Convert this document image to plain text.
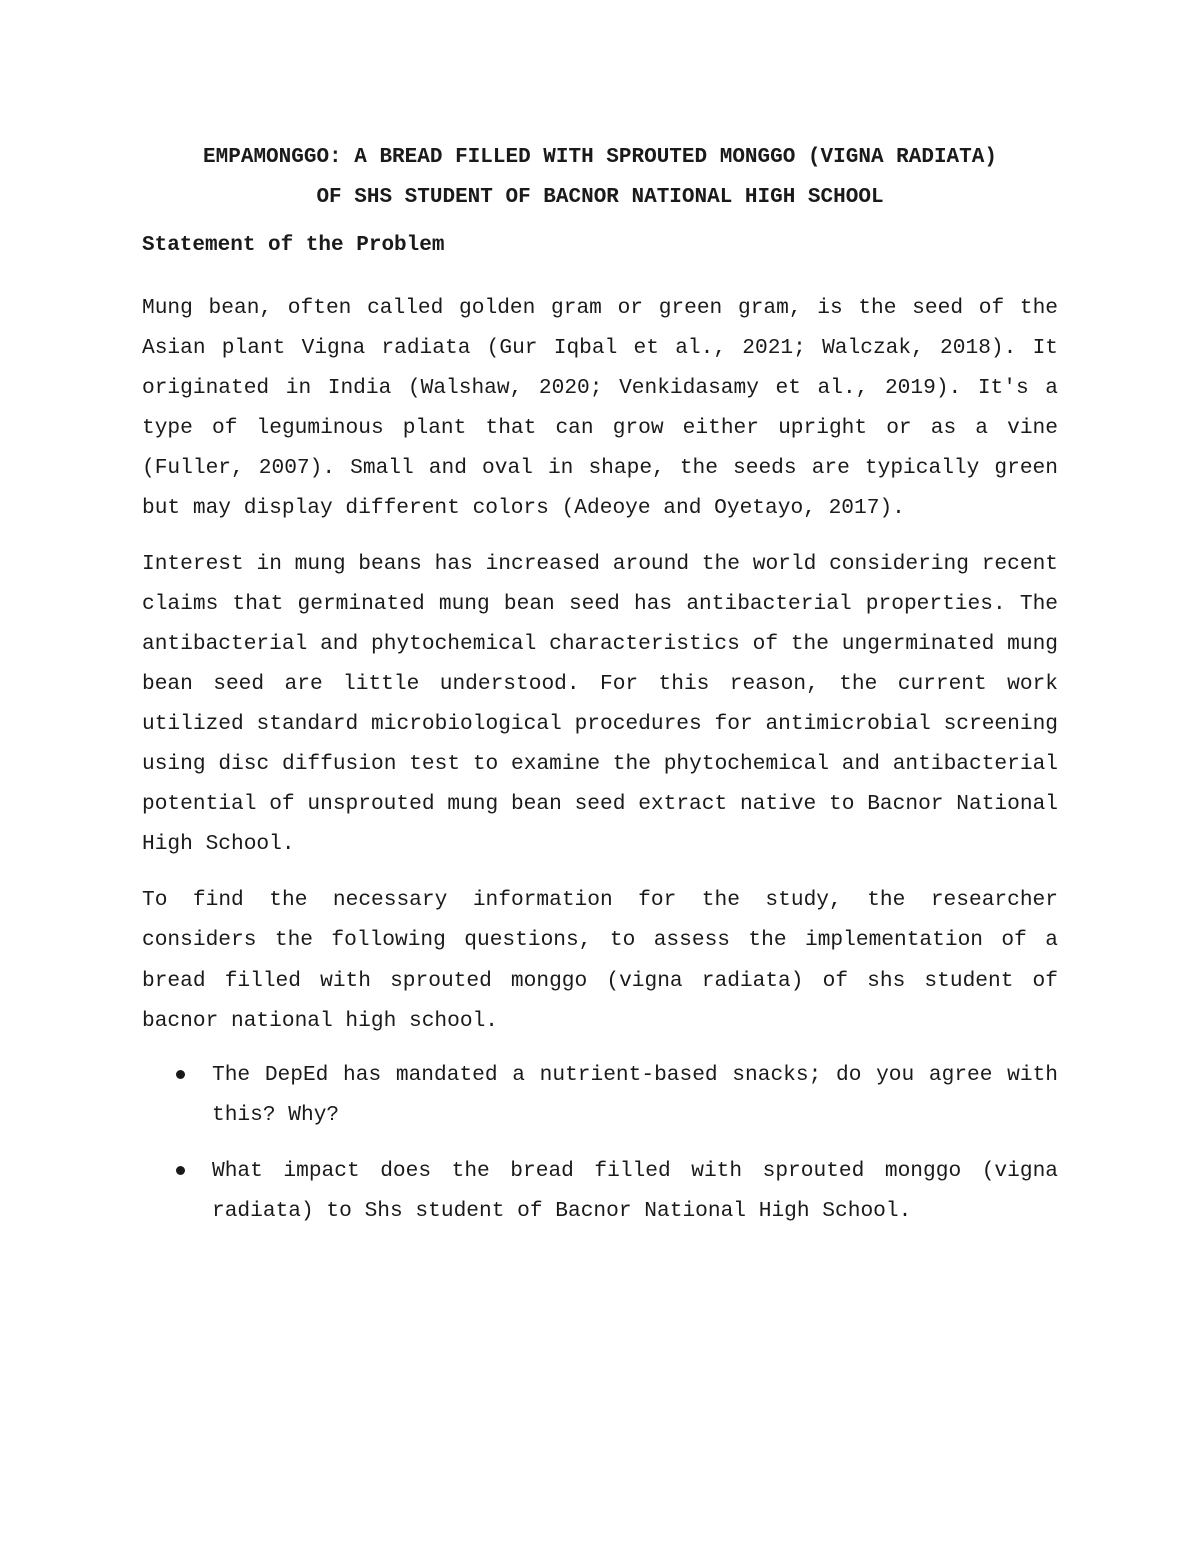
EMPAMONGGO: A BREAD FILLED WITH SPROUTED MONGGO (VIGNA RADIATA)
OF SHS STUDENT OF BACNOR NATIONAL HIGH SCHOOL
Statement of the Problem

Mung bean, often called golden gram or green gram, is the seed of the Asian plant Vigna radiata (Gur Iqbal et al., 2021; Walczak, 2018). It originated in India (Walshaw, 2020; Venkidasamy et al., 2019). It's a type of leguminous plant that can grow either upright or as a vine (Fuller, 2007). Small and oval in shape, the seeds are typically green but may display different colors (Adeoye and Oyetayo, 2017).

Interest in mung beans has increased around the world considering recent claims that germinated mung bean seed has antibacterial properties. The antibacterial and phytochemical characteristics of the ungerminated mung bean seed are little understood. For this reason, the current work utilized standard microbiological procedures for antimicrobial screening using disc diffusion test to examine the phytochemical and antibacterial potential of unsprouted mung bean seed extract native to Bacnor National High School.

To find the necessary information for the study, the researcher considers the following questions, to assess the implementation of a bread filled with sprouted monggo (vigna radiata) of shs student of bacnor national high school.

The DepEd has mandated a nutrient-based snacks; do you agree with this? Why?
What impact does the bread filled with sprouted monggo (vigna radiata) to Shs student of Bacnor National High School.
